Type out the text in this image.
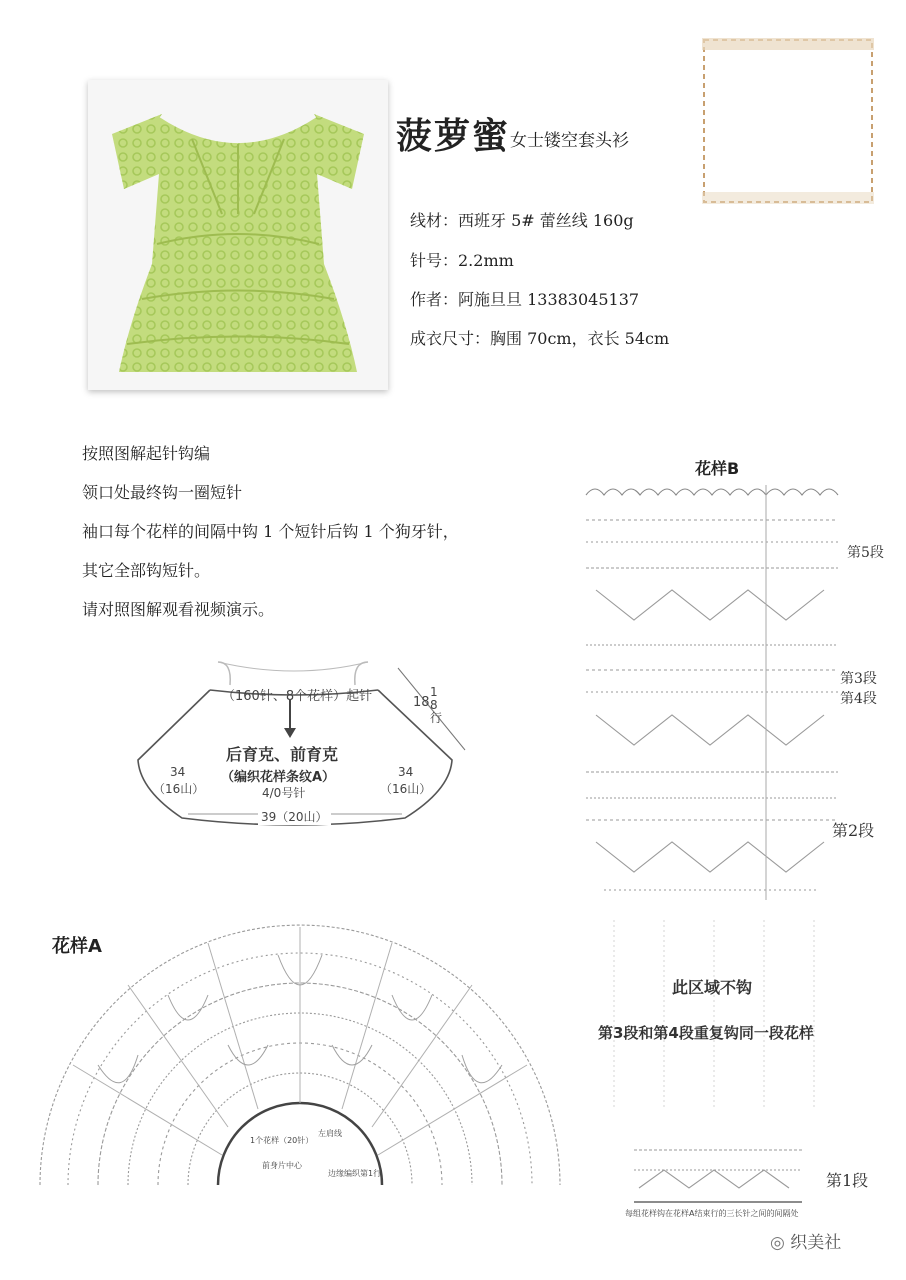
菠萝蜜 女士镂空套头衫
线材：西班牙 5# 蕾丝线 160g
针号：2.2mm
作者：阿施旦旦 13383045137
成衣尺寸：胸围 70cm，衣长 54cm
按照图解起针钩编
领口处最终钩一圈短针
袖口每个花样的间隔中钩 1 个短针后钩 1 个狗牙针，
其它全部钩短针。
请对照图解观看视频演示。
（160针、8个花样）起针	18
18行
后育克、前育克
（编织花样条纹A）
4/0号针
34
（16山）
34
（16山）
39（20山）
花样A
1个花样（20针）
前身片中心
左肩线
边缘编织第1行
花样B
第5段
第3段
第4段
第2段
第1段
此区域不钩
第3段和第4段重复钩同一段花样
每组花样钩在花样A结束行的三长针之间的间隔处
◎ 织美社
